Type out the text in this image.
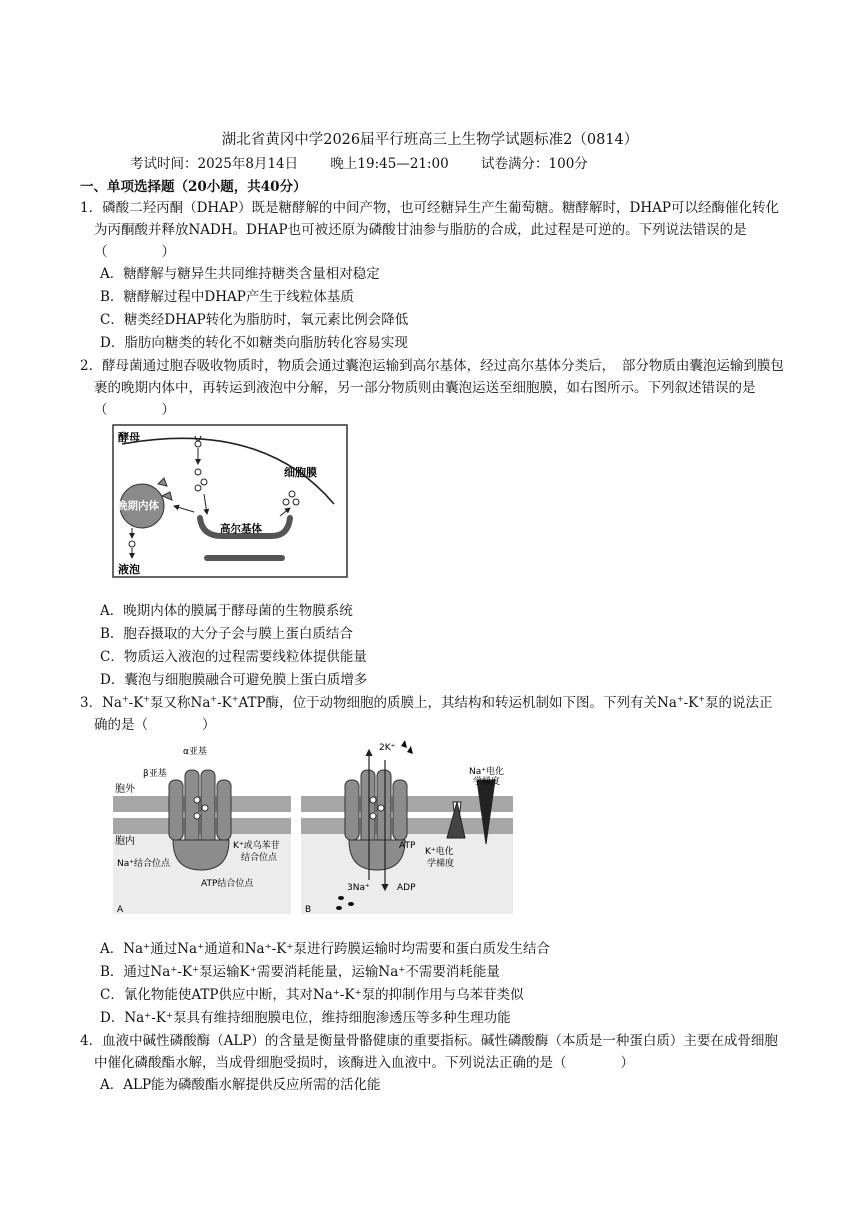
湖北省黄冈中学2026届平行班高三上生物学试题标准2（0814）
考试时间：2025年8月14日 晚上19:45—21:00 试卷满分：100分
一、单项选择题（20小题，共40分）
1．磷酸二羟丙酮（DHAP）既是糖酵解的中间产物，也可经糖异生产生葡萄糖。糖酵解时，DHAP可以经酶催化转化为丙酮酸并释放NADH。DHAP也可被还原为磷酸甘油参与脂肪的合成，此过程是可逆的。下列说法错误的是（　　　　）
A．糖酵解与糖异生共同维持糖类含量相对稳定
B．糖酵解过程中DHAP产生于线粒体基质
C．糖类经DHAP转化为脂肪时，氧元素比例会降低
D．脂肪向糖类的转化不如糖类向脂肪转化容易实现
2．酵母菌通过胞吞吸收物质时，物质会通过囊泡运输到高尔基体，经过高尔基体分类后，　部分物质由囊泡运输到膜包裹的晚期内体中，再转运到液泡中分解，另一部分物质则由囊泡运送至细胞膜，如右图所示。下列叙述错误的是（　　　　）
酵母
细胞膜
晚期内体
高尔基体
液泡
A．晚期内体的膜属于酵母菌的生物膜系统
B．胞吞摄取的大分子会与膜上蛋白质结合
C．物质运入液泡的过程需要线粒体提供能量
D．囊泡与细胞膜融合可避免膜上蛋白质增多
3．Na+-K+泵又称Na+-K+ATP酶，位于动物细胞的质膜上，其结构和转运机制如下图。下列有关Na+-K+泵的说法正确的是（　　　　）
胞外
胞内
α亚基
β亚基
K⁺或乌苯苷
结合位点
Na⁺结合位点
ATP结合位点
A
2K⁺
ATP
ADP
3Na⁺
Na⁺电化
学梯度
K⁺电化
学梯度
B
A．Na⁺通过Na⁺通道和Na⁺-K⁺泵进行跨膜运输时均需要和蛋白质发生结合
B．通过Na⁺-K⁺泵运输K⁺需要消耗能量，运输Na⁺不需要消耗能量
C．氰化物能使ATP供应中断，其对Na⁺-K⁺泵的抑制作用与乌苯苷类似
D．Na⁺-K⁺泵具有维持细胞膜电位，维持细胞渗透压等多种生理功能
4．血液中碱性磷酸酶（ALP）的含量是衡量骨骼健康的重要指标。碱性磷酸酶（本质是一种蛋白质）主要在成骨细胞中催化磷酸酯水解，当成骨细胞受损时，该酶进入血液中。下列说法正确的是（　　　　）
A．ALP能为磷酸酯水解提供反应所需的活化能
